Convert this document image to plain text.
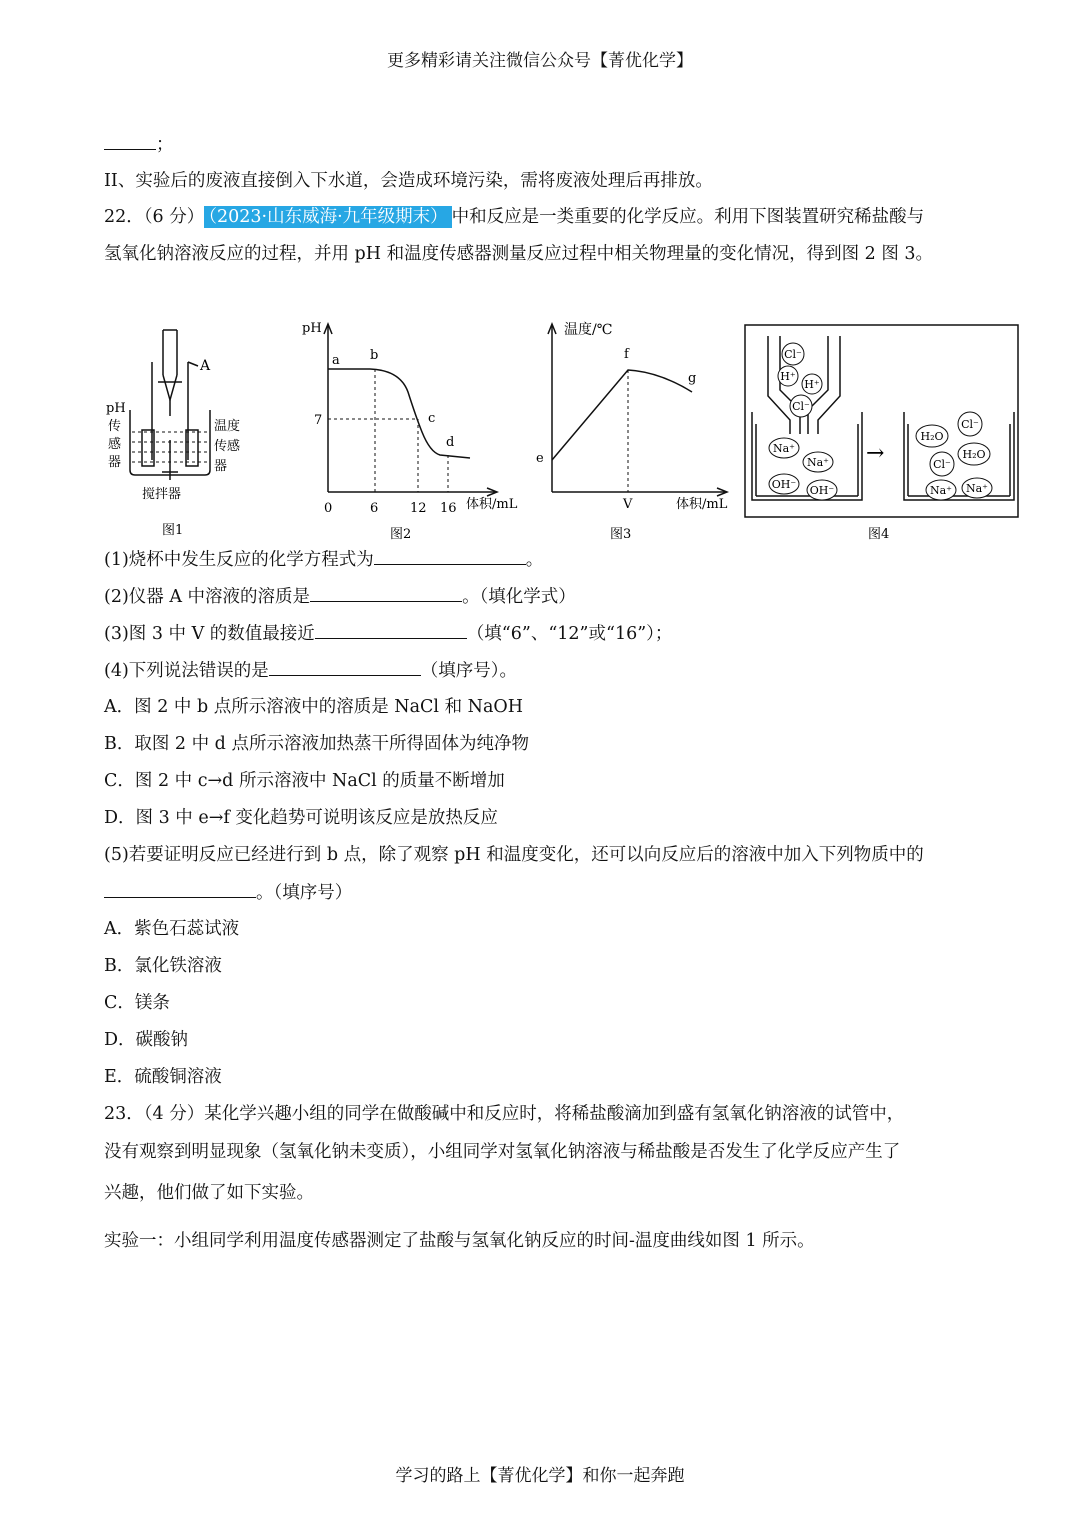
更多精彩请关注微信公众号【菁优化学】
；
II、实验后的废液直接倒入下水道，会造成环境污染，需将废液处理后再排放。
22．（6 分） （2023·山东威海·九年级期末） 中和反应是一类重要的化学反应。利用下图装置研究稀盐酸与
氢氧化钠溶液反应的过程，并用 pH 和温度传感器测量反应过程中相关物理量的变化情况，得到图 2 图 3。
A
pH
传
感
器
温度
传感
器
搅拌器
图1
pH
7
a b
c
d
0	6 12 16 体积/mL
图2
温度/℃
e
f
g
V	体积/mL
图3
Cl⁻
H⁺
H⁺
Cl⁻
Na⁺
Na⁺
OH⁻ OH⁻
H₂O
Cl⁻
H₂O
Cl⁻
Na⁺ Na⁺
→
图4
(1)烧杯中发生反应的化学方程式为	。
(2)仪器 A 中溶液的溶质是	。（填化学式）
(3)图 3 中 V 的数值最接近	（填“6”、“12”或“16”）；
(4)下列说法错误的是	（填序号）。
A．图 2 中 b 点所示溶液中的溶质是 NaCl 和 NaOH
B．取图 2 中 d 点所示溶液加热蒸干所得固体为纯净物
C．图 2 中 c→d 所示溶液中 NaCl 的质量不断增加
D．图 3 中 e→f 变化趋势可说明该反应是放热反应
(5)若要证明反应已经进行到 b 点，除了观察 pH 和温度变化，还可以向反应后的溶液中加入下列物质中的
。（填序号）
A．紫色石蕊试液
B．氯化铁溶液
C．镁条
D．碳酸钠
E．硫酸铜溶液
23．（4 分）某化学兴趣小组的同学在做酸碱中和反应时，将稀盐酸滴加到盛有氢氧化钠溶液的试管中，
没有观察到明显现象（氢氧化钠未变质），小组同学对氢氧化钠溶液与稀盐酸是否发生了化学反应产生了
兴趣，他们做了如下实验。
实验一：小组同学利用温度传感器测定了盐酸与氢氧化钠反应的时间-温度曲线如图 1 所示。
学习的路上【菁优化学】和你一起奔跑
